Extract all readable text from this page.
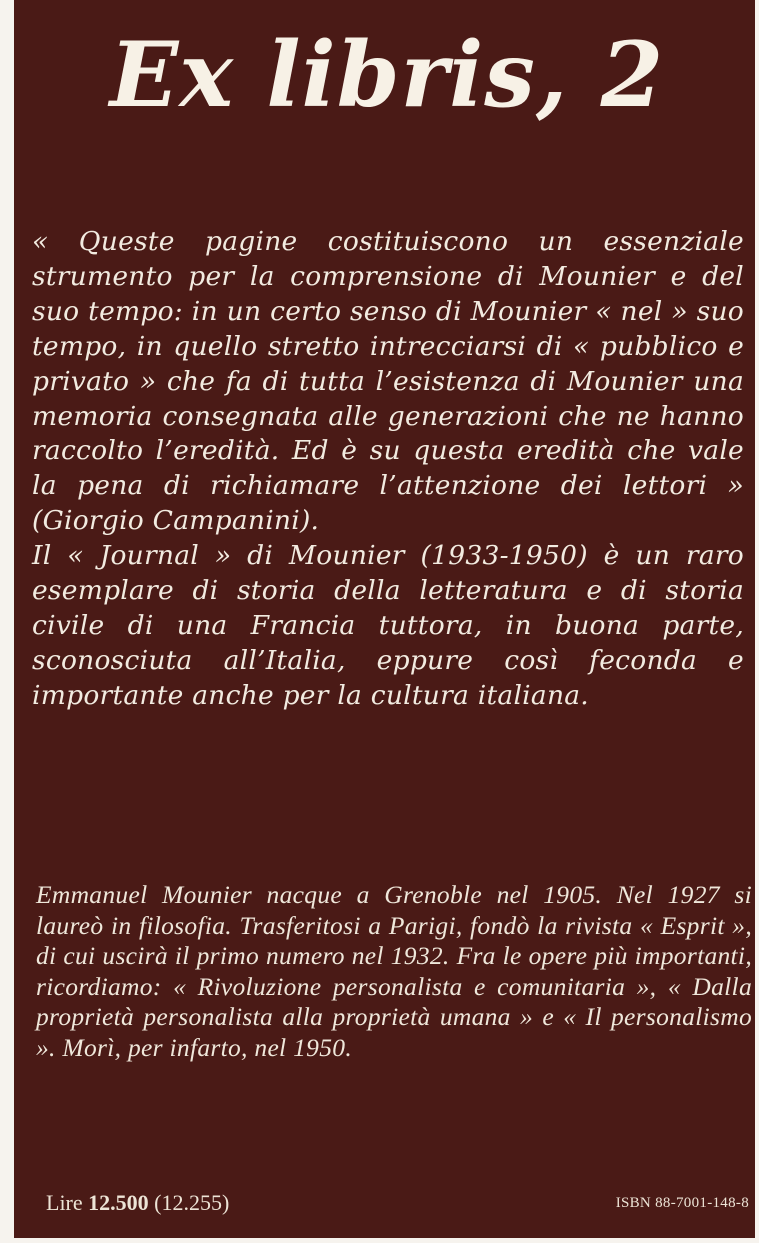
Ex libris, 2

« Queste pagine costituiscono un essenziale strumento per la comprensione di Mounier e del suo tempo: in un certo senso di Mounier « nel » suo tempo, in quello stretto intrecciarsi di « pubblico e privato » che fa di tutta l’esistenza di Mounier una memoria consegnata alle generazioni che ne hanno raccolto l’eredità. Ed è su questa eredità che vale la pena di richiamare l’attenzione dei lettori » (Giorgio Campanini).

Il « Journal » di Mounier (1933-1950) è un raro esemplare di storia della letteratura e di storia civile di una Francia tuttora, in buona parte, sconosciuta all’Italia, eppure così feconda e importante anche per la cultura italiana.

Emmanuel Mounier nacque a Grenoble nel 1905. Nel 1927 si laureò in filosofia. Trasferitosi a Parigi, fondò la rivista « Esprit », di cui uscirà il primo numero nel 1932. Fra le opere più importanti, ricordiamo: « Rivoluzione personalista e comunitaria », « Dalla proprietà personalista alla proprietà umana » e « Il personalismo ». Morì, per infarto, nel 1950.

Lire 12.500 (12.255)	ISBN 88-7001-148-8
